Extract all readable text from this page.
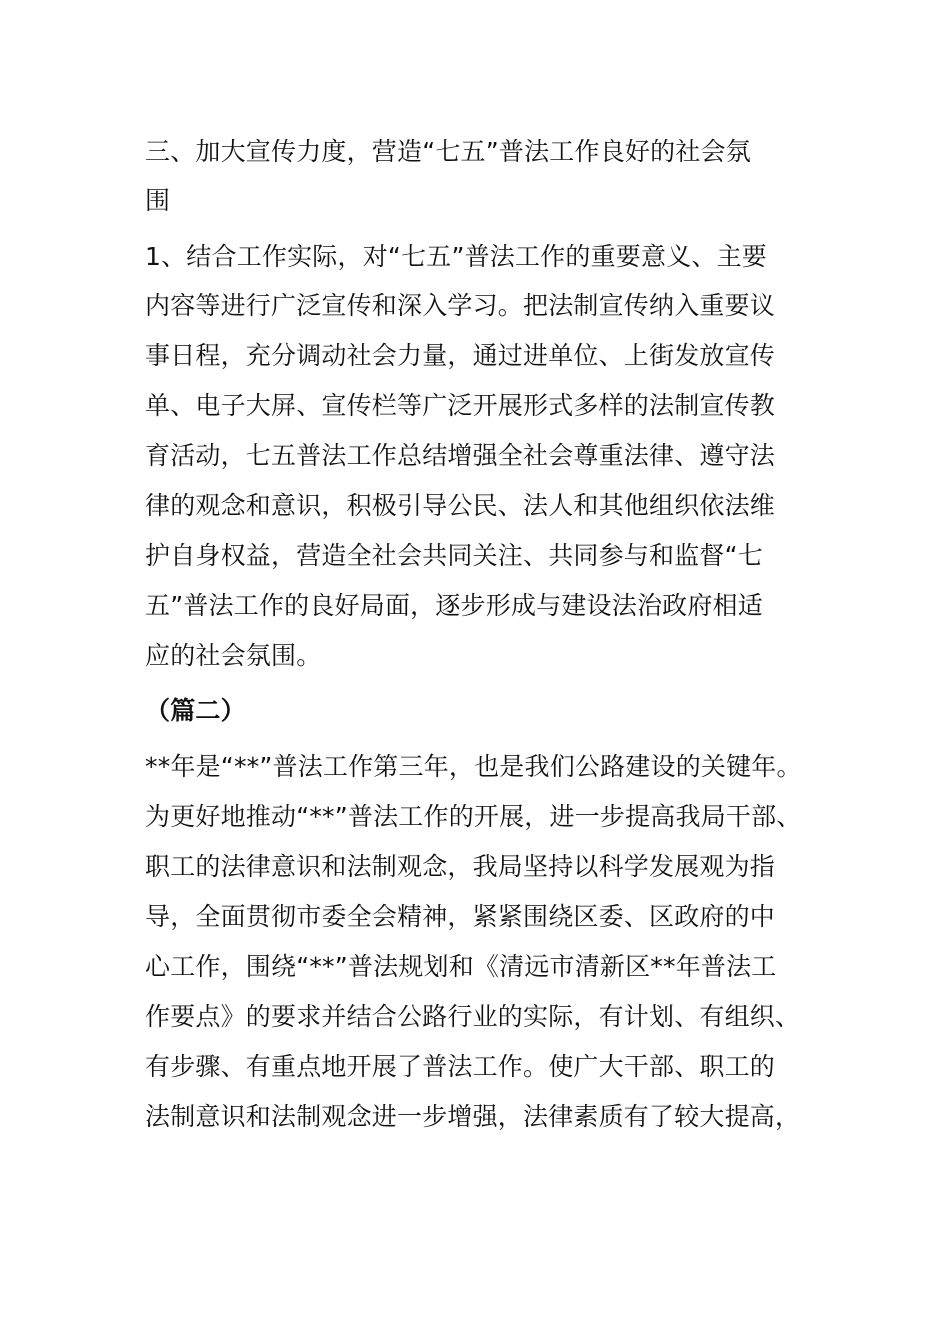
三、加大宣传力度，营造“七五”普法工作良好的社会氛
围
1、结合工作实际，对“七五”普法工作的重要意义、主要
内容等进行广泛宣传和深入学习。把法制宣传纳入重要议
事日程，充分调动社会力量，通过进单位、上街发放宣传
单、电子大屏、宣传栏等广泛开展形式多样的法制宣传教
育活动，七五普法工作总结增强全社会尊重法律、遵守法
律的观念和意识，积极引导公民、法人和其他组织依法维
护自身权益，营造全社会共同关注、共同参与和监督“七
五”普法工作的良好局面，逐步形成与建设法治政府相适
应的社会氛围。
（篇二）
**年是“**”普法工作第三年，也是我们公路建设的关键年。
为更好地推动“**”普法工作的开展，进一步提高我局干部、
职工的法律意识和法制观念，我局坚持以科学发展观为指
导，全面贯彻市委全会精神，紧紧围绕区委、区政府的中
心工作，围绕“**”普法规划和《清远市清新区**年普法工
作要点》的要求并结合公路行业的实际，有计划、有组织、
有步骤、有重点地开展了普法工作。使广大干部、职工的
法制意识和法制观念进一步增强，法律素质有了较大提高，
